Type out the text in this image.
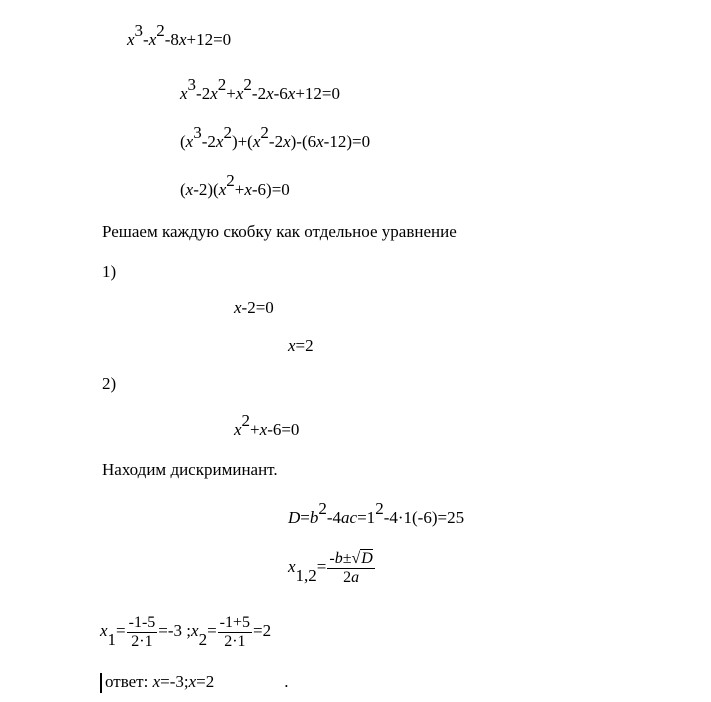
$x^3-x^2-8x+12=0$
$x^3-2x^2+x^2-2x-6x+12=0$
$(x^3-2x^2)+(x^2-2x)-(6x-12)=0$
$(x-2)(x^2+x-6)=0$
Решаем каждую скобку как отдельное уравнение
1)
x-2=0
x=2
2)
$x^2+x-6=0$
Находим дискриминант.
$D=b^2-4ac=1^2-4\cdot 1(-6)=25$
$x_{1,2}= \frac{-b\pm√D}{2a}$
$x_1= \frac{-1-5}{2\cdot 1} =-3$ $;x_2= \frac{-1+5}{2\cdot 1} =2$
ответ: x=-3;x=2	.
